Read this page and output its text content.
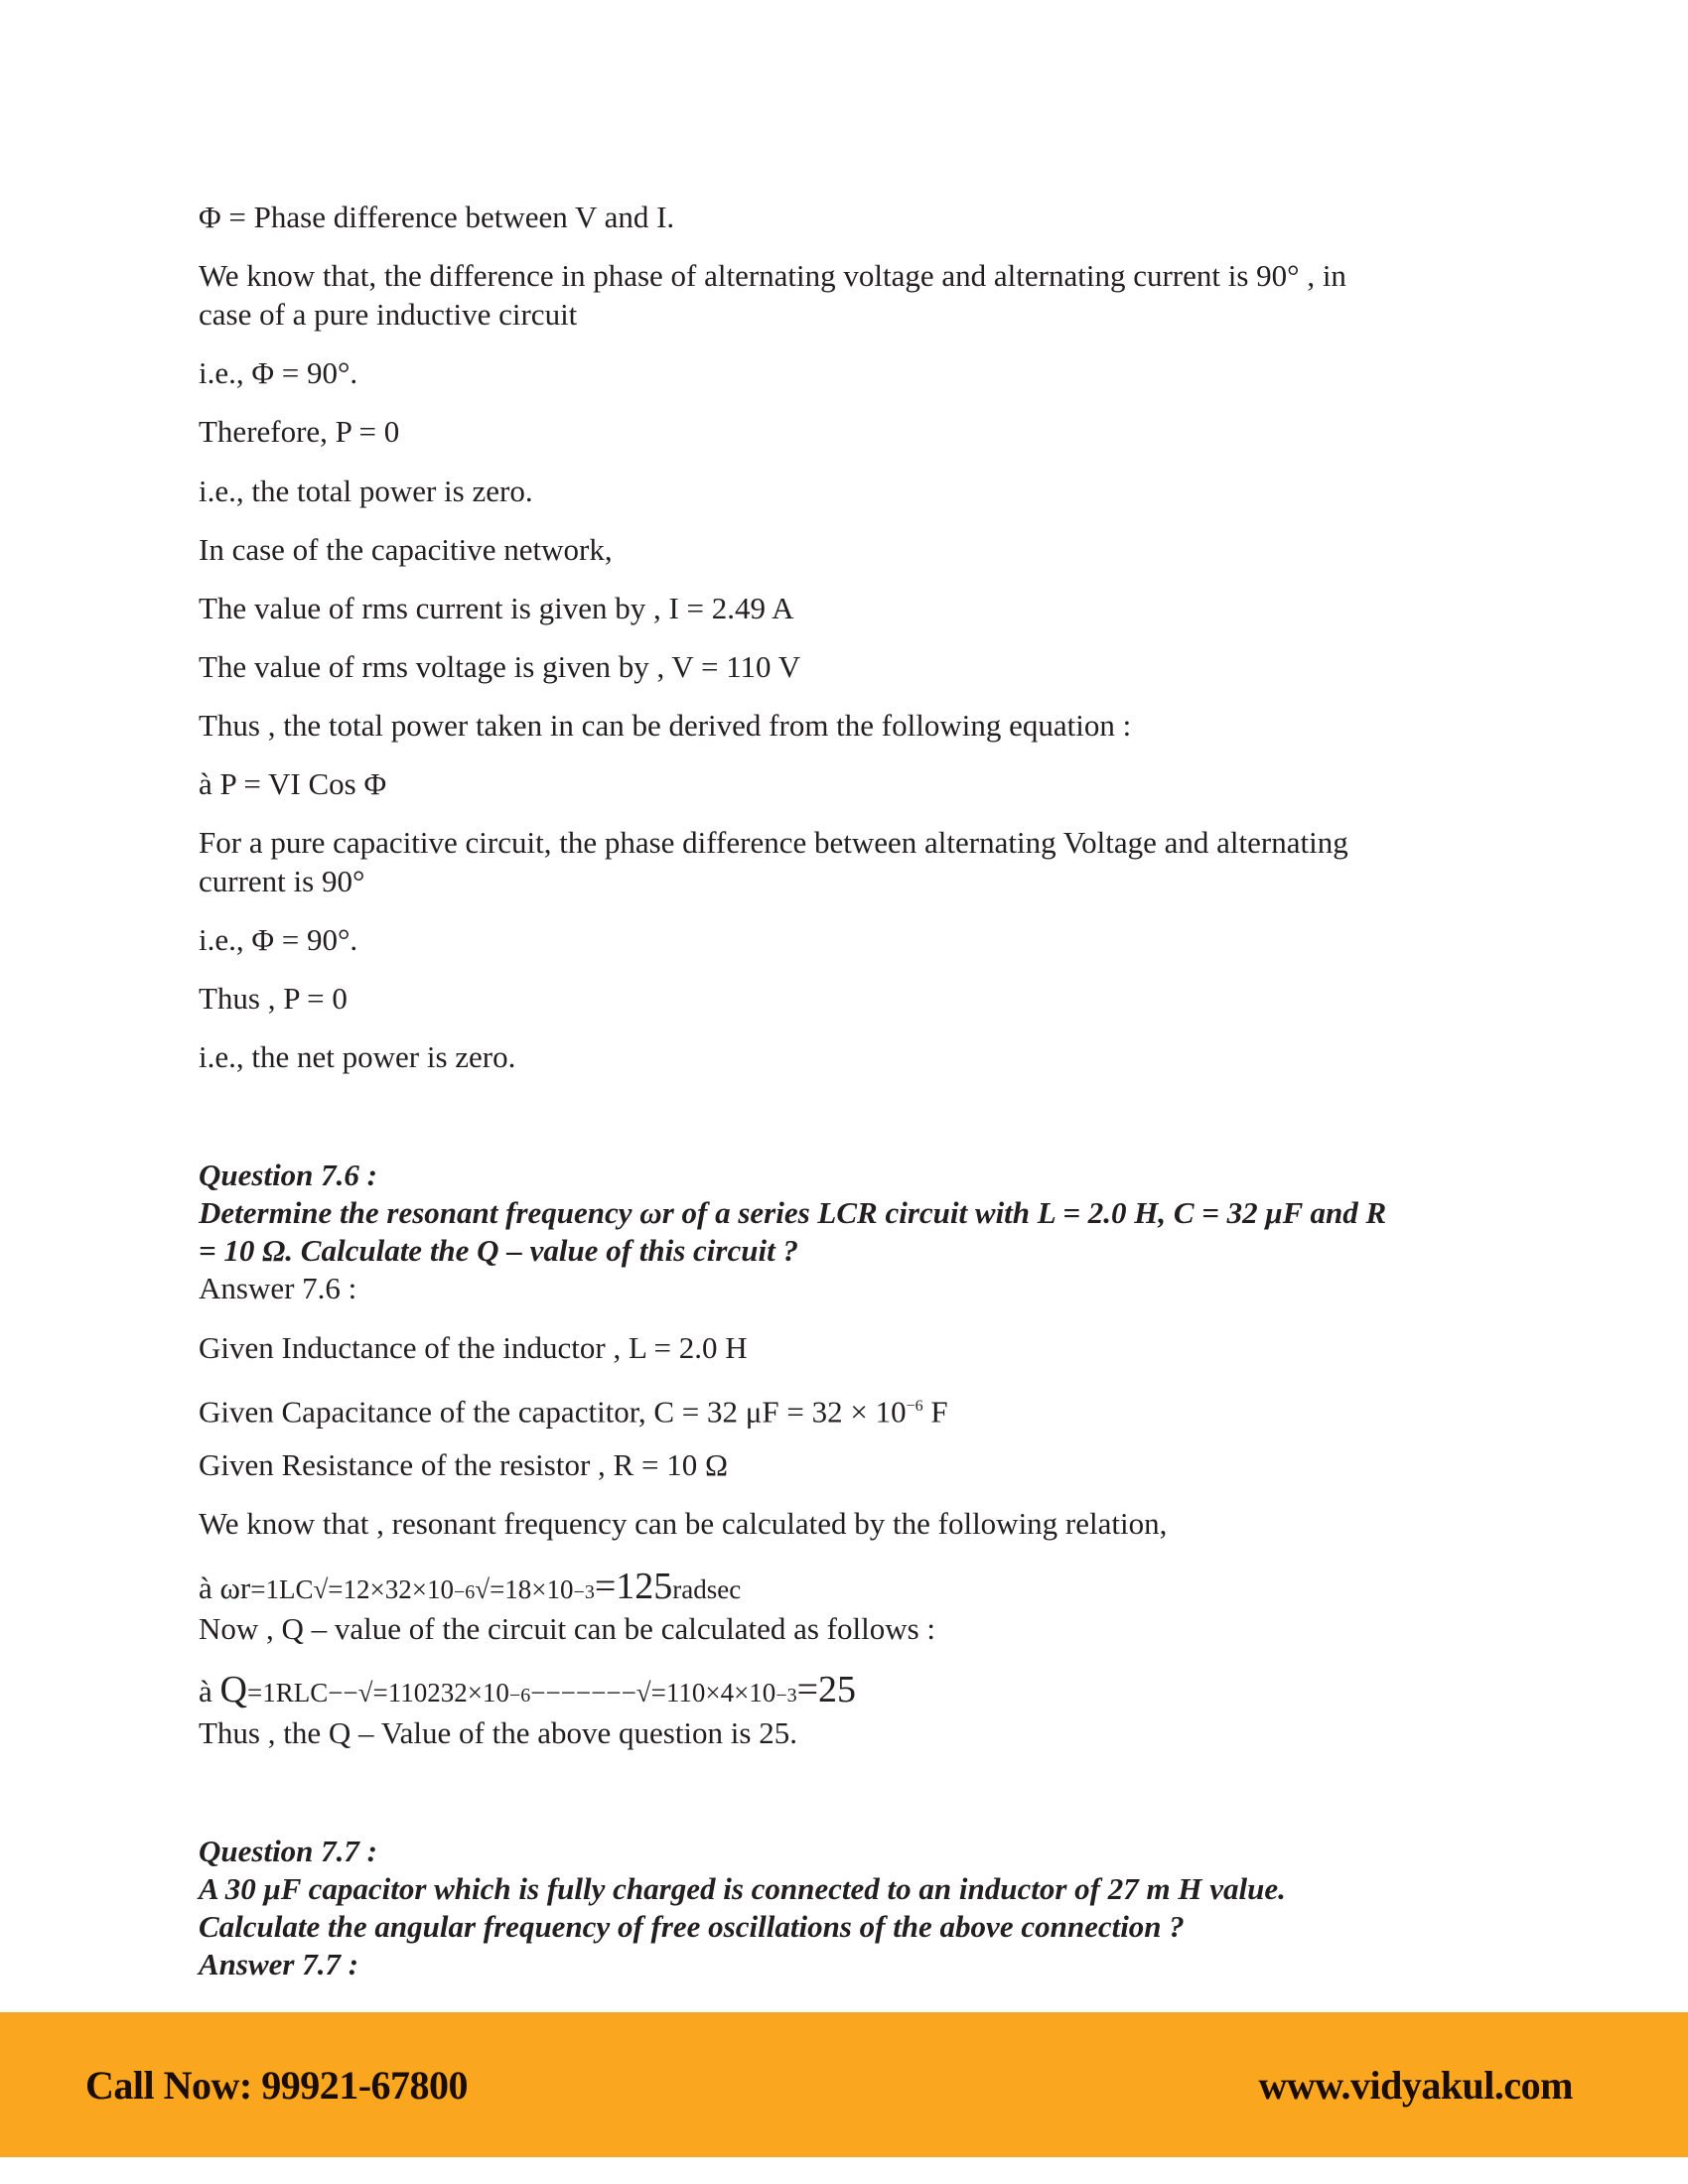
Φ = Phase difference between V and I.
We know that, the difference in phase of alternating voltage and alternating current is 90° , in
case of a pure inductive circuit
i.e., Φ = 90°.
Therefore, P = 0
i.e., the total power is zero.
In case of the capacitive network,
The value of rms current is given by , I = 2.49 A
The value of rms voltage is given by , V = 110 V
Thus , the total power taken in can be derived from the following equation :
à P = VI Cos Φ
For a pure capacitive circuit, the phase difference between alternating Voltage and alternating
current is 90°
i.e., Φ = 90°.
Thus , P = 0
i.e., the net power is zero.
Question 7.6 :
Determine the resonant frequency ωr of a series LCR circuit with L = 2.0 H, C = 32 μF and R
= 10 Ω. Calculate the Q – value of this circuit ?
Answer 7.6 :
Given Inductance of the inductor , L = 2.0 H
Given Capacitance of the capactitor, C = 32 $\mu F = 32 \times 10^{-6}$ F
Given Resistance of the resistor , R = 10 Ω
We know that , resonant frequency can be calculated by the following relation,
à ωr=1LC√=12×32×10−6√=18×10−3=125radsec
Now , Q – value of the circuit can be calculated as follows :
à Q=1RLC−−√=110232×10−6−−−−−−−√=110×4×10−3=25
Thus , the Q – Value of the above question is 25.
Question 7.7 :
A 30 μF capacitor which is fully charged is connected to an inductor of 27 m H value.
Calculate the angular frequency of free oscillations of the above connection ?
Answer 7.7 :
Call Now: 99921-67800	www.vidyakul.com
